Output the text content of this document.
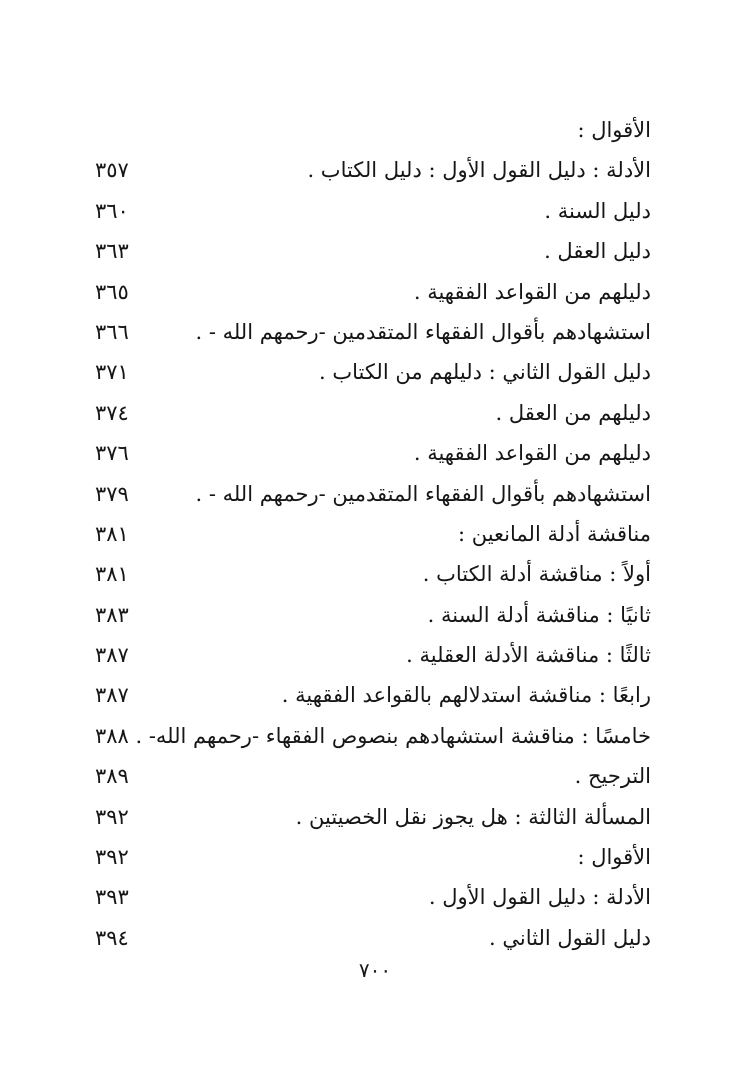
الأقوال :
الأدلة : دليل القول الأول : دليل الكتاب .
٣٥٧
دليل السنة .
٣٦٠
دليل العقل .
٣٦٣
دليلهم من القواعد الفقهية .
٣٦٥
استشهادهم بأقوال الفقهاء المتقدمين -رحمهم الله - .
٣٦٦
دليل القول الثاني : دليلهم من الكتاب .
٣٧١
دليلهم من العقل .
٣٧٤
دليلهم من القواعد الفقهية .
٣٧٦
استشهادهم بأقوال الفقهاء المتقدمين -رحمهم الله - .
٣٧٩
مناقشة أدلة المانعين :
٣٨١
أولاً : مناقشة أدلة الكتاب .
٣٨١
ثانيًا : مناقشة أدلة السنة .
٣٨٣
ثالثًا : مناقشة الأدلة العقلية .
٣٨٧
رابعًا : مناقشة استدلالهم بالقواعد الفقهية .
٣٨٧
خامسًا : مناقشة استشهادهم بنصوص الفقهاء -رحمهم الله- .
٣٨٨
الترجيح .
٣٨٩
المسألة الثالثة : هل يجوز نقل الخصيتين .
٣٩٢
الأقوال :
٣٩٢
الأدلة : دليل القول الأول .
٣٩٣
دليل القول الثاني .
٣٩٤
٧٠٠
